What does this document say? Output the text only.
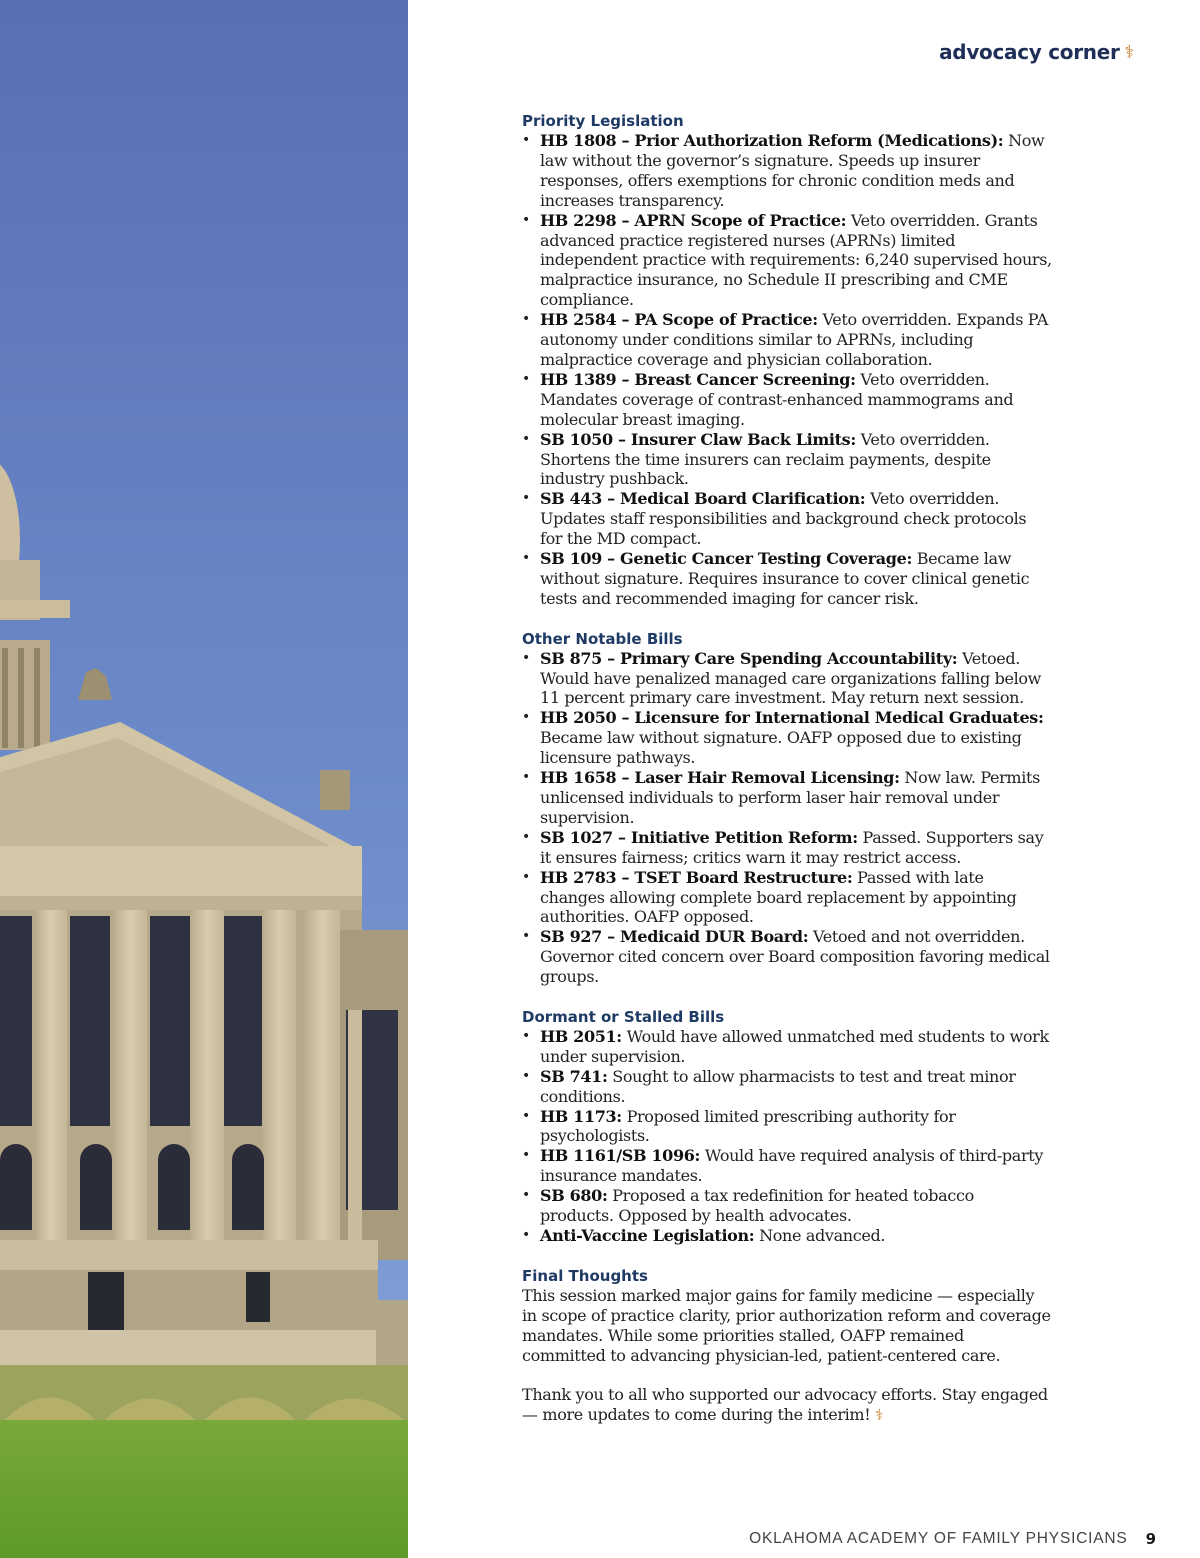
advocacy corner ⚕
Priority Legislation
• HB 1808 – Prior Authorization Reform (Medications): Now law without the governor’s signature. Speeds up insurer responses, offers exemptions for chronic condition meds and increases transparency.
• HB 2298 – APRN Scope of Practice: Veto overridden. Grants advanced practice registered nurses (APRNs) limited independent practice with requirements: 6,240 supervised hours, malpractice insurance, no Schedule II prescribing and CME compliance.
• HB 2584 – PA Scope of Practice: Veto overridden. Expands PA autonomy under conditions similar to APRNs, including malpractice coverage and physician collaboration.
• HB 1389 – Breast Cancer Screening: Veto overridden. Mandates coverage of contrast-enhanced mammograms and molecular breast imaging.
• SB 1050 – Insurer Claw Back Limits: Veto overridden. Shortens the time insurers can reclaim payments, despite industry pushback.
• SB 443 – Medical Board Clarification: Veto overridden. Updates staff responsibilities and background check protocols for the MD compact.
• SB 109 – Genetic Cancer Testing Coverage: Became law without signature. Requires insurance to cover clinical genetic tests and recommended imaging for cancer risk.
Other Notable Bills
• SB 875 – Primary Care Spending Accountability: Vetoed. Would have penalized managed care organizations falling below 11 percent primary care investment. May return next session.
• HB 2050 – Licensure for International Medical Graduates: Became law without signature. OAFP opposed due to existing licensure pathways.
• HB 1658 – Laser Hair Removal Licensing: Now law. Permits unlicensed individuals to perform laser hair removal under supervision.
• SB 1027 – Initiative Petition Reform: Passed. Supporters say it ensures fairness; critics warn it may restrict access.
• HB 2783 – TSET Board Restructure: Passed with late changes allowing complete board replacement by appointing authorities. OAFP opposed.
• SB 927 – Medicaid DUR Board: Vetoed and not overridden. Governor cited concern over Board composition favoring medical groups.
Dormant or Stalled Bills
• HB 2051: Would have allowed unmatched med students to work under supervision.
• SB 741: Sought to allow pharmacists to test and treat minor conditions.
• HB 1173: Proposed limited prescribing authority for psychologists.
• HB 1161/SB 1096: Would have required analysis of third-party insurance mandates.
• SB 680: Proposed a tax redefinition for heated tobacco products. Opposed by health advocates.
• Anti-Vaccine Legislation: None advanced.
Final Thoughts

This session marked major gains for family medicine — especially in scope of practice clarity, prior authorization reform and coverage mandates. While some priorities stalled, OAFP remained committed to advancing physician-led, patient-centered care.

Thank you to all who supported our advocacy efforts. Stay engaged — more updates to come during the interim! ⚕

OKLAHOMA ACADEMY OF FAMILY PHYSICIANS 9
